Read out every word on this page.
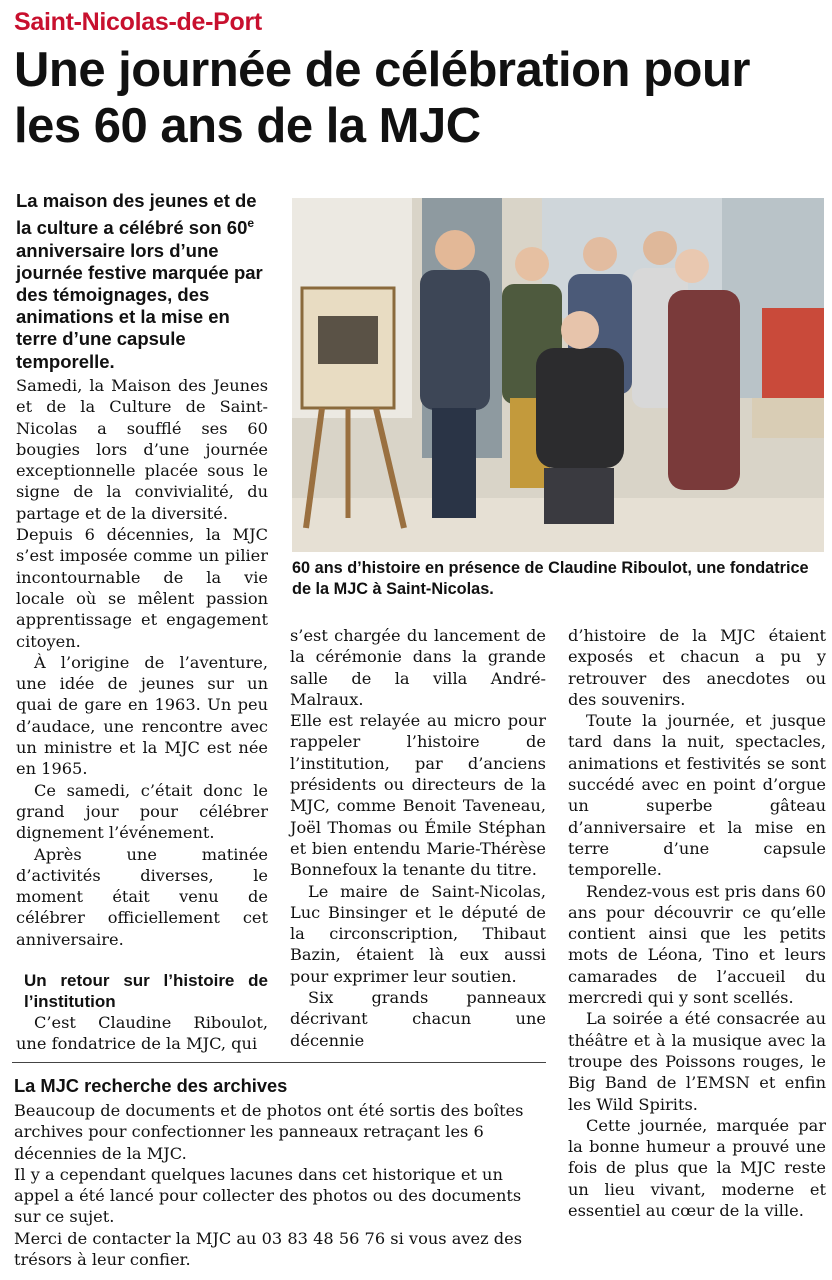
Saint-Nicolas-de-Port
Une journée de célébration pour les 60 ans de la MJC

La maison des jeunes et de la culture a célébré son 60e anniversaire lors d’une journée festive marquée par des témoignages, des animations et la mise en terre d’une capsule temporelle.

60 ans d’histoire en présence de Claudine Riboulot, une fondatrice de la MJC à Saint-Nicolas.

Samedi, la Maison des Jeunes et de la Culture de Saint-Nicolas a soufflé ses 60 bougies lors d’une journée exceptionnelle placée sous le signe de la convivialité, du partage et de la diversité.

Depuis 6 décennies, la MJC s’est imposée comme un pilier incontournable de la vie locale où se mêlent passion apprentissage et engagement citoyen.

À l’origine de l’aventure, une idée de jeunes sur un quai de gare en 1963. Un peu d’audace, une rencontre avec un ministre et la MJC est née en 1965.

Ce samedi, c’était donc le grand jour pour célébrer dignement l’événement.

Après une matinée d’activités diverses, le moment était venu de célébrer officiellement cet anniversaire.

Un retour sur l’histoire de l’institution

C’est Claudine Riboulot, une fondatrice de la MJC, qui

s’est chargée du lancement de la cérémonie dans la grande salle de la villa André-Malraux.

Elle est relayée au micro pour rappeler l’histoire de l’institution, par d’anciens présidents ou directeurs de la MJC, comme Benoit Taveneau, Joël Thomas ou Émile Stéphan et bien entendu Marie-Thérèse Bonnefoux la tenante du titre.

Le maire de Saint-Nicolas, Luc Binsinger et le député de la circonscription, Thibaut Bazin, étaient là eux aussi pour exprimer leur soutien.

Six grands panneaux décrivant chacun une décennie

d’histoire de la MJC étaient exposés et chacun a pu y retrouver des anecdotes ou des souvenirs.

Toute la journée, et jusque tard dans la nuit, spectacles, animations et festivités se sont succédé avec en point d’orgue un superbe gâteau d’anniversaire et la mise en terre d’une capsule temporelle.

Rendez-vous est pris dans 60 ans pour découvrir ce qu’elle contient ainsi que les petits mots de Léona, Tino et leurs camarades de l’accueil du mercredi qui y sont scellés.

La soirée a été consacrée au théâtre et à la musique avec la troupe des Poissons rouges, le Big Band de l’EMSN et enfin les Wild Spirits.

Cette journée, marquée par la bonne humeur a prouvé une fois de plus que la MJC reste un lieu vivant, moderne et essentiel au cœur de la ville.

La MJC recherche des archives

Beaucoup de documents et de photos ont été sortis des boîtes archives pour confectionner les panneaux retraçant les 6 décennies de la MJC.

Il y a cependant quelques lacunes dans cet historique et un appel a été lancé pour collecter des photos ou des documents sur ce sujet.

Merci de contacter la MJC au 03 83 48 56 76 si vous avez des trésors à leur confier.
